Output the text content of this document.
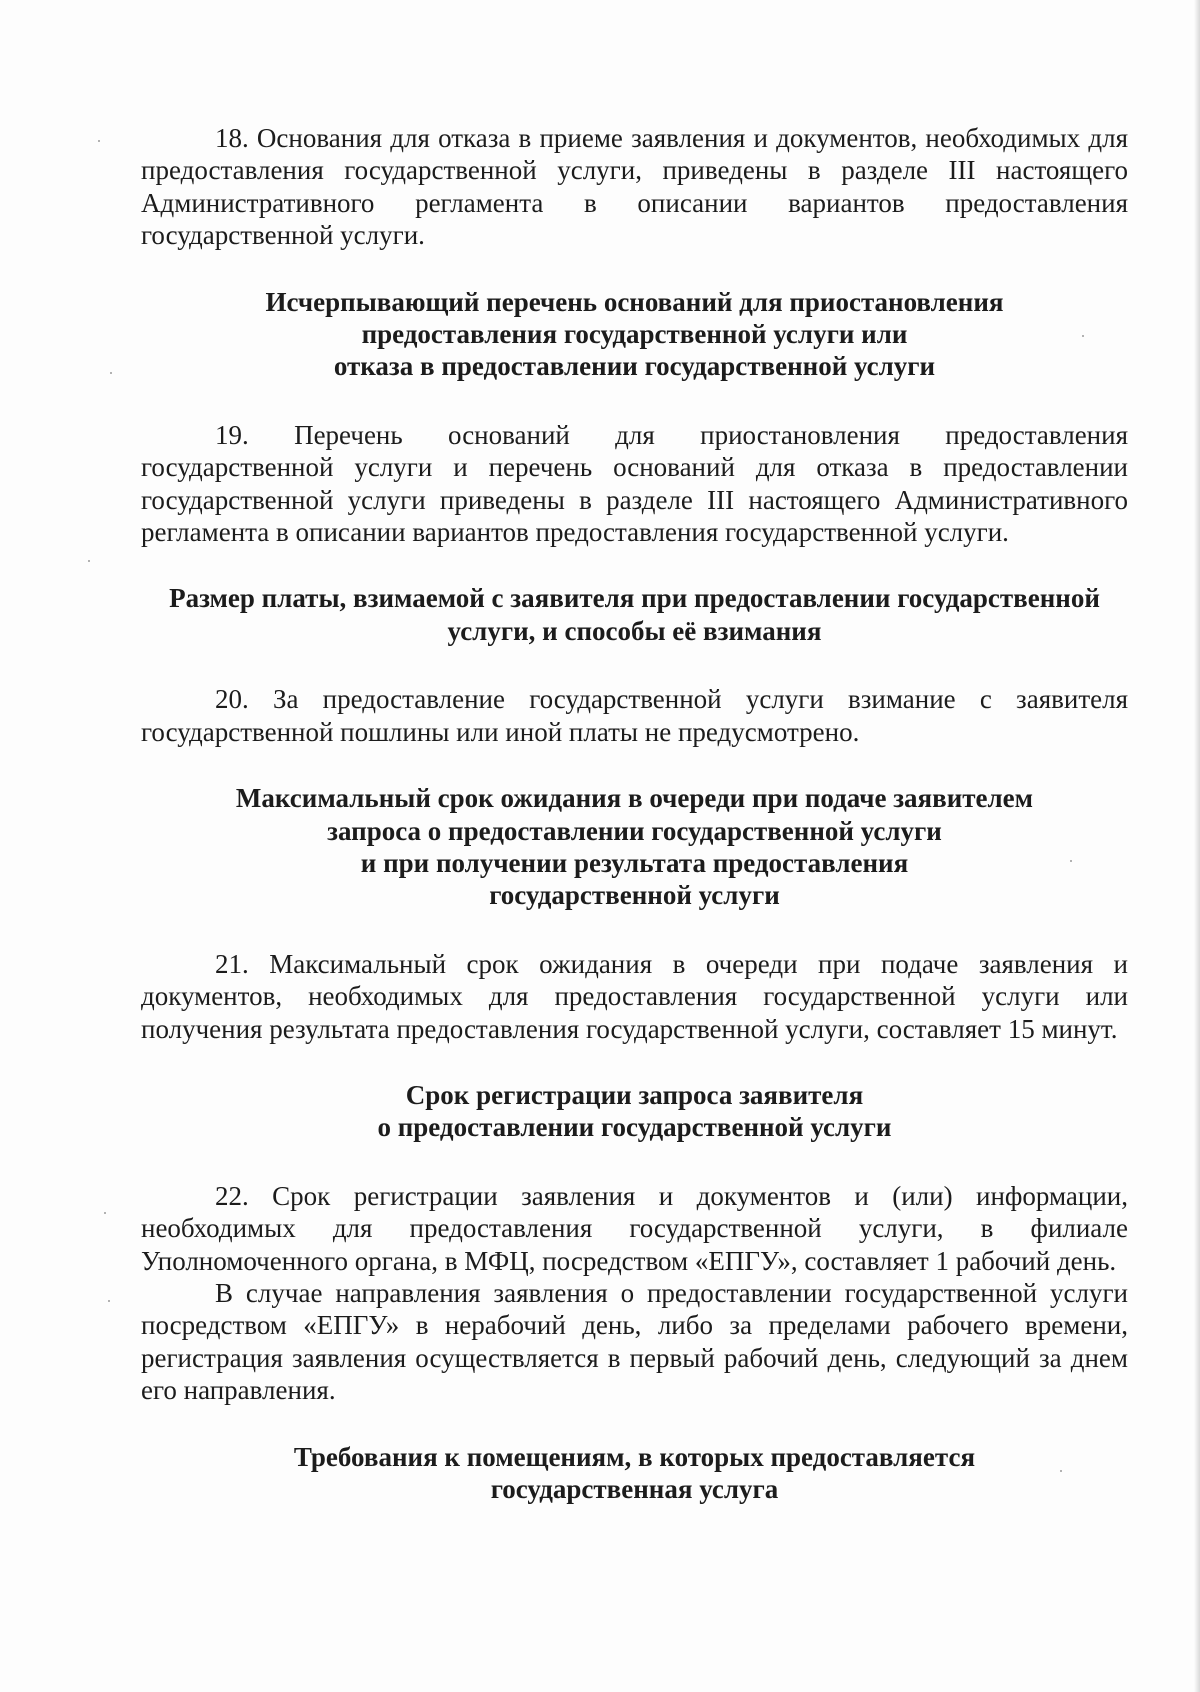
18. Основания для отказа в приеме заявления и документов, необходимых для предоставления государственной услуги, приведены в разделе III настоящего Административного регламента в описании вариантов предоставления государственной услуги.

Исчерпывающий перечень оснований для приостановления
предоставления государственной услуги или
отказа в предоставлении государственной услуги

19. Перечень оснований для приостановления предоставления государственной услуги и перечень оснований для отказа в предоставлении государственной услуги приведены в разделе III настоящего Административного регламента в описании вариантов предоставления государственной услуги.

Размер платы, взимаемой с заявителя при предоставлении государственной
услуги, и способы её взимания

20. За предоставление государственной услуги взимание с заявителя государственной пошлины или иной платы не предусмотрено.

Максимальный срок ожидания в очереди при подаче заявителем
запроса о предоставлении государственной услуги
и при получении результата предоставления
государственной услуги

21. Максимальный срок ожидания в очереди при подаче заявления и документов, необходимых для предоставления государственной услуги или получения результата предоставления государственной услуги, составляет 15 минут.

Срок регистрации запроса заявителя
о предоставлении государственной услуги

22. Срок регистрации заявления и документов и (или) информации, необходимых для предоставления государственной услуги, в филиале Уполномоченного органа, в МФЦ, посредством «ЕПГУ», составляет 1 рабочий день.

В случае направления заявления о предоставлении государственной услуги посредством «ЕПГУ» в нерабочий день, либо за пределами рабочего времени, регистрация заявления осуществляется в первый рабочий день, следующий за днем его направления.

Требования к помещениям, в которых предоставляется
государственная услуга
